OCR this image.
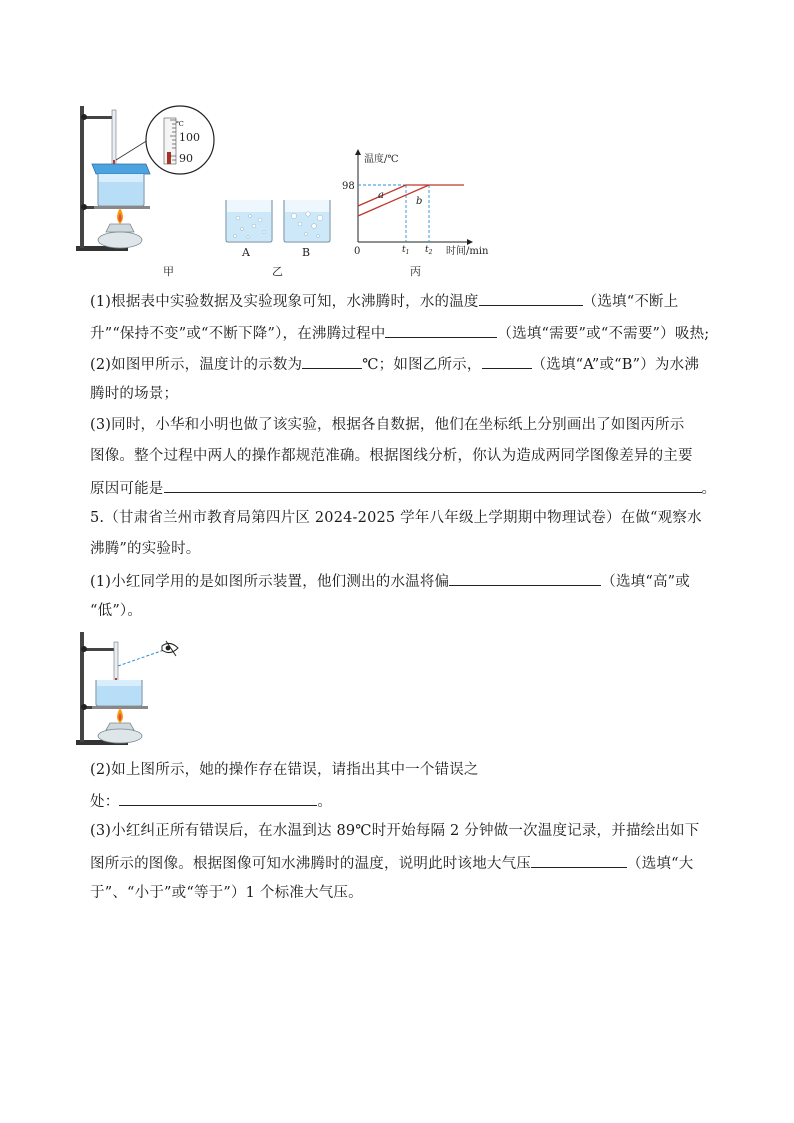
℃
100
90
甲
A	B
乙
温度/℃
时间/min
98
0
a
b
$t_1$ $t_2$
丙
(1)根据表中实验数据及实验现象可知，水沸腾时，水的温度	（选填“不断上
升”“保持不变”或“不断下降”），在沸腾过程中	（选填“需要”或“不需要”）吸热;
(2)如图甲所示，温度计的示数为	℃；如图乙所示，	（选填“A”或“B”）为水沸
腾时的场景；
(3)同时，小华和小明也做了该实验，根据各自数据，他们在坐标纸上分别画出了如图丙所示
图像。整个过程中两人的操作都规范准确。根据图线分析，你认为造成两同学图像差异的主要
原因可能是	。
5.（甘肃省兰州市教育局第四片区 2024-2025 学年八年级上学期期中物理试卷）在做“观察水
沸腾”的实验时。
(1)小红同学用的是如图所示装置，他们测出的水温将偏	（选填“高”或
“低”）。
(2)如上图所示，她的操作存在错误，请指出其中一个错误之
处：	。
(3)小红纠正所有错误后，在水温到达 89℃时开始每隔 2 分钟做一次温度记录，并描绘出如下
图所示的图像。根据图像可知水沸腾时的温度，说明此时该地大气压	（选填“大
于”、“小于”或“等于”）1 个标准大气压。
